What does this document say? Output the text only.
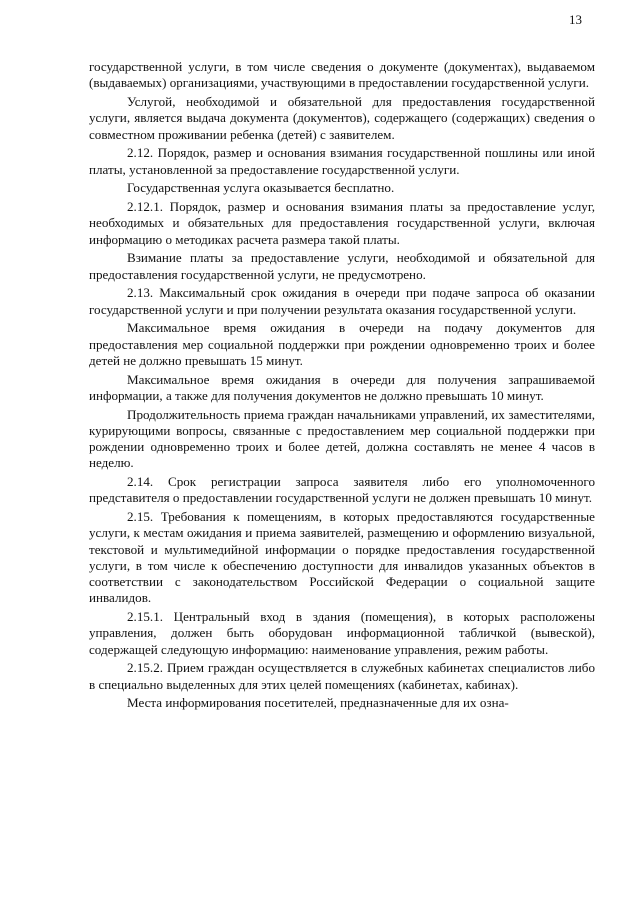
13

государственной услуги, в том числе сведения о документе (документах), выдаваемом (выдаваемых) организациями, участвующими в предоставлении государственной услуги.

Услугой, необходимой и обязательной для предоставления государственной услуги, является выдача документа (документов), содержащего (содержащих) сведения о совместном проживании ребенка (детей) с заявителем.

2.12. Порядок, размер и основания взимания государственной пошлины или иной платы, установленной за предоставление государственной услуги.

Государственная услуга оказывается бесплатно.

2.12.1. Порядок, размер и основания взимания платы за предоставление услуг, необходимых и обязательных для предоставления государственной услуги, включая информацию о методиках расчета размера такой платы.

Взимание платы за предоставление услуги, необходимой и обязательной для предоставления государственной услуги, не предусмотрено.

2.13. Максимальный срок ожидания в очереди при подаче запроса об оказании государственной услуги и при получении результата оказания государственной услуги.

Максимальное время ожидания в очереди на подачу документов для предоставления мер социальной поддержки при рождении одновременно троих и более детей не должно превышать 15 минут.

Максимальное время ожидания в очереди для получения запрашиваемой информации, а также для получения документов не должно превышать 10 минут.

Продолжительность приема граждан начальниками управлений, их заместителями, курирующими вопросы, связанные с предоставлением мер социальной поддержки при рождении одновременно троих и более детей, должна составлять не менее 4 часов в неделю.

2.14. Срок регистрации запроса заявителя либо его уполномоченного представителя о предоставлении государственной услуги не должен превышать 10 минут.

2.15. Требования к помещениям, в которых предоставляются государственные услуги, к местам ожидания и приема заявителей, размещению и оформлению визуальной, текстовой и мультимедийной информации о порядке предоставления государственной услуги, в том числе к обеспечению доступности для инвалидов указанных объектов в соответствии с законодательством Российской Федерации о социальной защите инвалидов.

2.15.1. Центральный вход в здания (помещения), в которых расположены управления, должен быть оборудован информационной табличкой (вывеской), содержащей следующую информацию: наименование управления, режим работы.

2.15.2. Прием граждан осуществляется в служебных кабинетах специалистов либо в специально выделенных для этих целей помещениях (кабинетах, кабинах).

Места информирования посетителей, предназначенные для их озна-
